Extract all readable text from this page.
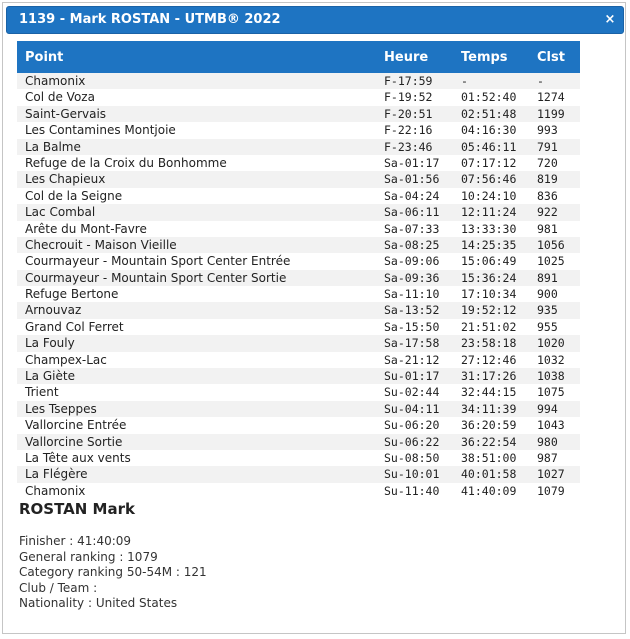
1139 - Mark ROSTAN - UTMB® 2022	×
Point	Heure	Temps Clst
Chamonix	F-17:59 -	-
Col de Voza	F-19:52 01:52:40 1274
Saint-Gervais	F-20:51 02:51:48 1199
Les Contamines Montjoie	F-22:16 04:16:30 993
La Balme	F-23:46 05:46:11 791
Refuge de la Croix du Bonhomme	Sa-01:17 07:17:12 720
Les Chapieux	Sa-01:56 07:56:46 819
Col de la Seigne	Sa-04:24 10:24:10 836
Lac Combal	Sa-06:11 12:11:24 922
Arête du Mont-Favre	Sa-07:33 13:33:30 981
Checrouit - Maison Vieille	Sa-08:25 14:25:35 1056
Courmayeur - Mountain Sport Center Entrée	Sa-09:06 15:06:49 1025
Courmayeur - Mountain Sport Center Sortie	Sa-09:36 15:36:24 891
Refuge Bertone	Sa-11:10 17:10:34 900
Arnouvaz	Sa-13:52 19:52:12 935
Grand Col Ferret	Sa-15:50 21:51:02 955
La Fouly	Sa-17:58 23:58:18 1020
Champex-Lac	Sa-21:12 27:12:46 1032
La Giète	Su-01:17 31:17:26 1038
Trient	Su-02:44 32:44:15 1075
Les Tseppes	Su-04:11 34:11:39 994
Vallorcine Entrée	Su-06:20 36:20:59 1043
Vallorcine Sortie	Su-06:22 36:22:54 980
La Tête aux vents	Su-08:50 38:51:00 987
La Flégère	Su-10:01 40:01:58 1027
Chamonix	Su-11:40 41:40:09 1079
ROSTAN Mark
Finisher : 41:40:09
General ranking : 1079
Category ranking 50-54M : 121
Club / Team :
Nationality : United States
